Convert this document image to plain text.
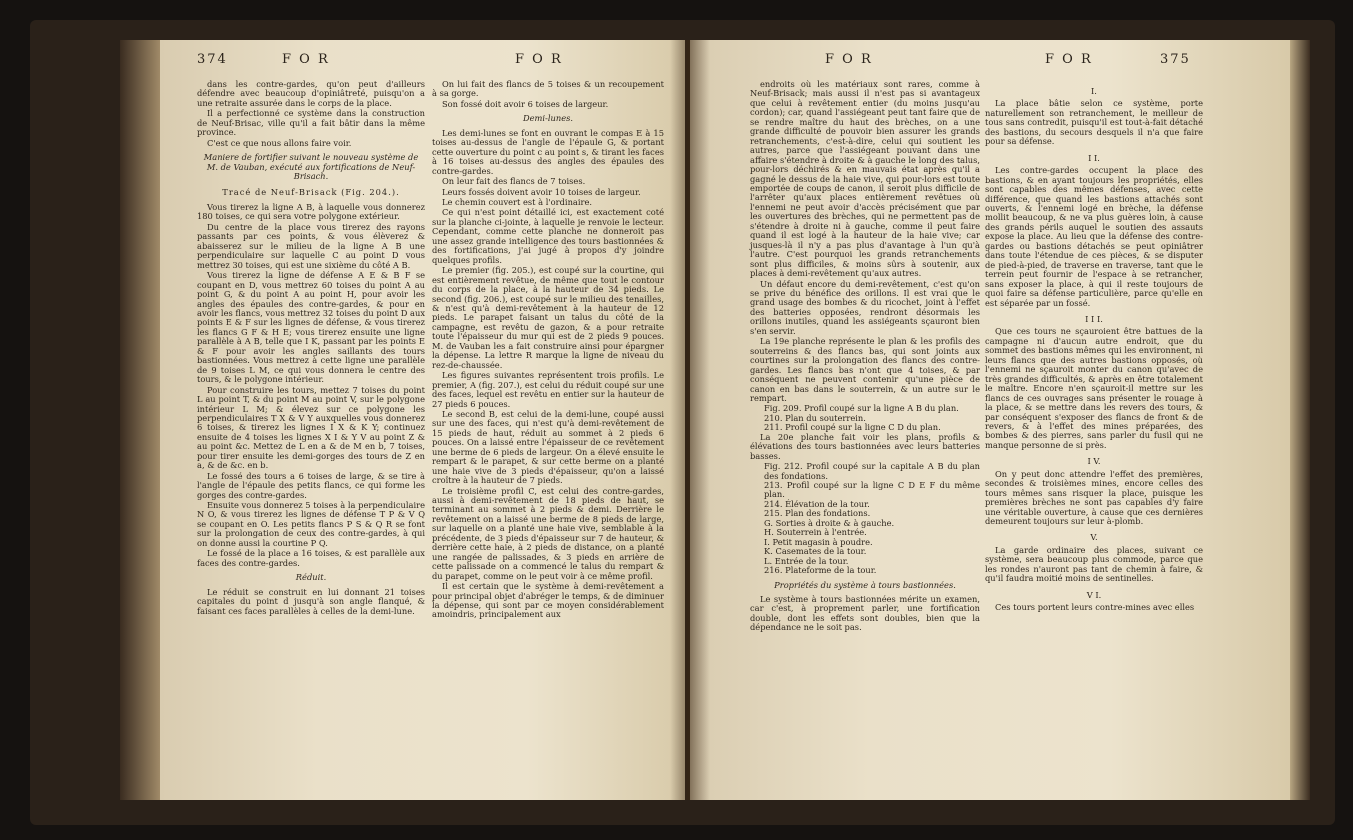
374	F O R	F O R

dans les contre-gardes, qu'on peut d'ailleurs défendre avec beaucoup d'opiniâtreté, puisqu'on a une retraite assurée dans le corps de la place.

Il a perfectionné ce système dans la construction de Neuf-Brisac, ville qu'il a fait bâtir dans la même province.

C'est ce que nous allons faire voir.

Maniere de fortifier suivant le nouveau système de M. de Vauban, exécuté aux fortifications de Neuf-Brisach.

Tracé de Neuf-Brisack (Fig. 204.).

Vous tirerez la ligne A B, à laquelle vous donnerez 180 toises, ce qui sera votre polygone extérieur.

Du centre de la place vous tirerez des rayons passants par ces points, & vous élèverez & abaisserez sur le milieu de la ligne A B une perpendiculaire sur laquelle C au point D vous mettrez 30 toises, qui est une sixième du côté A B.

Vous tirerez la ligne de défense A E & B F se coupant en D, vous mettrez 60 toises du point A au point G, & du point A au point H, pour avoir les angles des épaules des contre-gardes, & pour en avoir les flancs, vous mettrez 32 toises du point D aux points E & F sur les lignes de défense, & vous tirerez les flancs G F & H E; vous tirerez ensuite une ligne parallèle à A B, telle que I K, passant par les points E & F pour avoir les angles saillants des tours bastionnées. Vous mettrez à cette ligne une parallèle de 9 toises L M, ce qui vous donnera le centre des tours, & le polygone intérieur.

Pour construire les tours, mettez 7 toises du point L au point T, & du point M au point V, sur le polygone intérieur L M; & élevez sur ce polygone les perpendiculaires T X & V Y auxquelles vous donnerez 6 toises, & tirerez les lignes I X & K Y; continuez ensuite de 4 toises les lignes X I & Y V au point Z & au point &c. Mettez de L en a & de M en b, 7 toises, pour tirer ensuite les demi-gorges des tours de Z en a, & de &c. en b.

Le fossé des tours a 6 toises de large, & se tire à l'angle de l'épaule des petits flancs, ce qui forme les gorges des contre-gardes.

Ensuite vous donnerez 5 toises à la perpendiculaire N O, & vous tirerez les lignes de défense T P & V Q se coupant en O. Les petits flancs P S & Q R se font sur la prolongation de ceux des contre-gardes, à qui on donne aussi la courtine P Q.

Le fossé de la place a 16 toises, & est parallèle aux faces des contre-gardes.

Réduit.

Le réduit se construit en lui donnant 21 toises capitales du point d jusqu'à son angle flanqué, & faisant ces faces parallèles à celles de la demi-lune.

On lui fait des flancs de 5 toises & un recoupement à sa gorge.

Son fossé doit avoir 6 toises de largeur.

Demi-lunes.

Les demi-lunes se font en ouvrant le compas E à 15 toises au-dessus de l'angle de l'épaule G, & portant cette ouverture du point c au point s, & tirant les faces à 16 toises au-dessus des angles des épaules des contre-gardes.

On leur fait des flancs de 7 toises.

Leurs fossés doivent avoir 10 toises de largeur.

Le chemin couvert est à l'ordinaire.

Ce qui n'est point détaillé ici, est exactement coté sur la planche ci-jointe, à laquelle je renvoie le lecteur. Cependant, comme cette planche ne donneroit pas une assez grande intelligence des tours bastionnées & des fortifications, j'ai jugé à propos d'y joindre quelques profils.

Le premier (fig. 205.), est coupé sur la courtine, qui est entièrement revêtue, de même que tout le contour du corps de la place, à la hauteur de 34 pieds. Le second (fig. 206.), est coupé sur le milieu des tenailles, & n'est qu'à demi-revêtement à la hauteur de 12 pieds. Le parapet faisant un talus du côté de la campagne, est revêtu de gazon, & a pour retraite toute l'épaisseur du mur qui est de 2 pieds 9 pouces. M. de Vauban les a fait construire ainsi pour épargner la dépense. La lettre R marque la ligne de niveau du rez-de-chaussée.

Les figures suivantes représentent trois profils. Le premier, A (fig. 207.), est celui du réduit coupé sur une des faces, lequel est revêtu en entier sur la hauteur de 27 pieds 6 pouces.

Le second B, est celui de la demi-lune, coupé aussi sur une des faces, qui n'est qu'à demi-revêtement de 15 pieds de haut, réduit au sommet à 2 pieds 6 pouces. On a laissé entre l'épaisseur de ce revêtement une berme de 6 pieds de largeur. On a élevé ensuite le rempart & le parapet, & sur cette berme on a planté une haie vive de 3 pieds d'épaisseur, qu'on a laissé croître à la hauteur de 7 pieds.

Le troisième profil C, est celui des contre-gardes, aussi à demi-revêtement de 18 pieds de haut, se terminant au sommet à 2 pieds & demi. Derrière le revêtement on a laissé une berme de 8 pieds de large, sur laquelle on a planté une haie vive, semblable à la précédente, de 3 pieds d'épaisseur sur 7 de hauteur, & derrière cette haie, à 2 pieds de distance, on a planté une rangée de palissades, & 3 pieds en arrière de cette palissade on a commencé le talus du rempart & du parapet, comme on le peut voir à ce même profil.

Il est certain que le système à demi-revêtement a pour principal objet d'abréger le temps, & de diminuer la dépense, qui sont par ce moyen considérablement amoindris, principalement aux

F O R	F O R	375

endroits où les matériaux sont rares, comme à Neuf-Brisack; mais aussi il n'est pas si avantageux que celui à revêtement entier (du moins jusqu'au cordon); car, quand l'assiégeant peut tant faire que de se rendre maître du haut des brèches, on a une grande difficulté de pouvoir bien assurer les grands retranchements, c'est-à-dire, celui qui soutient les autres, parce que l'assiégeant pouvant dans une affaire s'étendre à droite & à gauche le long des talus, pour-lors déchirés & en mauvais état après qu'il a gagné le dessus de la haie vive, qui pour-lors est toute emportée de coups de canon, il seroit plus difficile de l'arrêter qu'aux places entièrement revêtues où l'ennemi ne peut avoir d'accès précisément que par les ouvertures des brèches, qui ne permettent pas de s'étendre à droite ni à gauche, comme il peut faire quand il est logé à la hauteur de la haie vive; car jusques-là il n'y a pas plus d'avantage à l'un qu'à l'autre. C'est pourquoi les grands retranchements sont plus difficiles, & moins sûrs à soutenir, aux places à demi-revêtement qu'aux autres.

Un défaut encore du demi-revêtement, c'est qu'on se prive du bénéfice des orillons. Il est vrai que le grand usage des bombes & du ricochet, joint à l'effet des batteries opposées, rendront désormais les orillons inutiles, quand les assiégeants sçauront bien s'en servir.

La 19e planche représente le plan & les profils des souterreins & des flancs bas, qui sont joints aux courtines sur la prolongation des flancs des contre-gardes. Les flancs bas n'ont que 4 toises, & par conséquent ne peuvent contenir qu'une pièce de canon en bas dans le souterrein, & un autre sur le rempart.

Fig. 209. Profil coupé sur la ligne A B du plan.
210. Plan du souterrein.
211. Profil coupé sur la ligne C D du plan.

La 20e planche fait voir les plans, profils & élévations des tours bastionnées avec leurs batteries basses.

Fig. 212. Profil coupé sur la capitale A B du plan des fondations.
213. Profil coupé sur la ligne C D E F du même plan.
214. Élévation de la tour.
215. Plan des fondations.
G. Sorties à droite & à gauche.
H. Souterrein à l'entrée.
I. Petit magasin à poudre.
K. Casemates de la tour.
L. Entrée de la tour.
216. Plateforme de la tour.

Propriétés du système à tours bastionnées.

Le système à tours bastionnées mérite un examen, car c'est, à proprement parler, une fortification double, dont les effets sont doubles, bien que la dépendance ne le soit pas.

I.

La place bâtie selon ce système, porte naturellement son retranchement, le meilleur de tous sans contredit, puisqu'il est tout-à-fait détaché des bastions, du secours desquels il n'a que faire pour sa défense.

I I.

Les contre-gardes occupent la place des bastions, & en ayant toujours les propriétés, elles sont capables des mêmes défenses, avec cette différence, que quand les bastions attachés sont ouverts, & l'ennemi logé en brèche, la défense mollit beaucoup, & ne va plus guères loin, à cause des grands périls auquel le soutien des assauts expose la place. Au lieu que la défense des contre-gardes ou bastions détachés se peut opiniâtrer dans toute l'étendue de ces pièces, & se disputer de pied-à-pied, de traverse en traverse, tant que le terrein peut fournir de l'espace à se retrancher, sans exposer la place, à qui il reste toujours de quoi faire sa défense particulière, parce qu'elle en est séparée par un fossé.

I I I.

Que ces tours ne sçauroient être battues de la campagne ni d'aucun autre endroit, que du sommet des bastions mêmes qui les environnent, ni leurs flancs que des autres bastions opposés, où l'ennemi ne sçauroit monter du canon qu'avec de très grandes difficultés, & après en être totalement le maître. Encore n'en sçauroit-il mettre sur les flancs de ces ouvrages sans présenter le rouage à la place, & se mettre dans les revers des tours, & par conséquent s'exposer des flancs de front & de revers, & à l'effet des mines préparées, des bombes & des pierres, sans parler du fusil qui ne manque personne de si près.

I V.

On y peut donc attendre l'effet des premières, secondes & troisièmes mines, encore celles des tours mêmes sans risquer la place, puisque les premières brèches ne sont pas capables d'y faire une véritable ouverture, à cause que ces dernières demeurent toujours sur leur à-plomb.

V.

La garde ordinaire des places, suivant ce système, sera beaucoup plus commode, parce que les rondes n'auront pas tant de chemin à faire, & qu'il faudra moitié moins de sentinelles.

V I.

Ces tours portent leurs contre-mines avec elles
